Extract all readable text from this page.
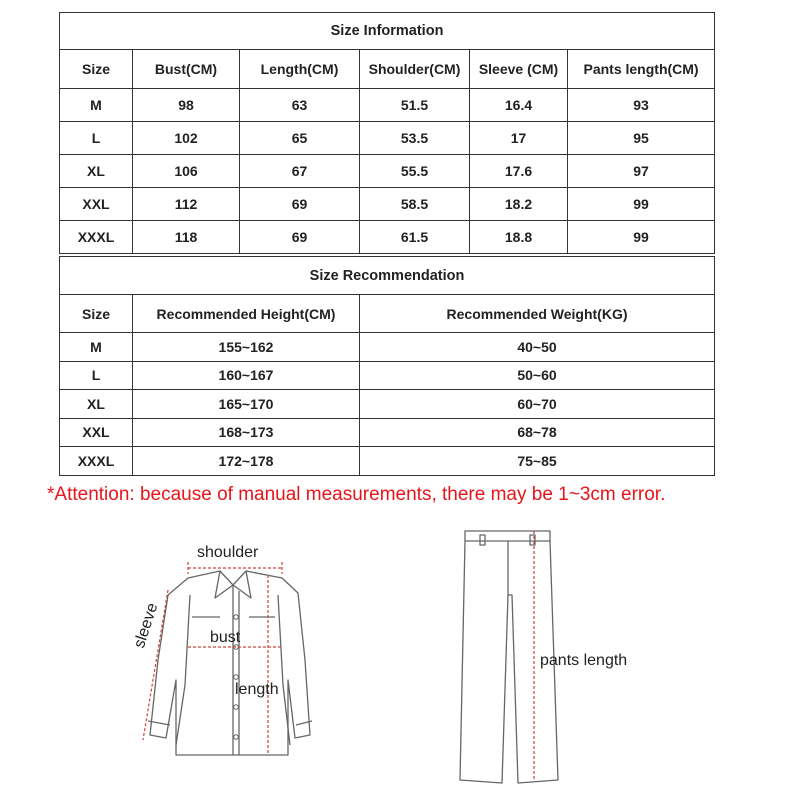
Size Information					
Size	Bust(CM)	Length(CM)	Shoulder(CM)	Sleeve (CM)	Pants length(CM)
M	98	63	51.5	16.4	93
L	102	65	53.5	17	95
XL	106	67	55.5	17.6	97
XXL	112	69	58.5	18.2	99
XXXL	118	69	61.5	18.8	99
Size Recommendation		
Size	Recommended Height(CM)	Recommended Weight(KG)
M	155~162	40~50
L	160~167	50~60
XL	165~170	60~70
XXL	168~173	68~78
XXXL	172~178	75~85
*Attention: because of manual measurements, there may be 1~3cm error.
shoulder
sleeve	bust
length
pants length
